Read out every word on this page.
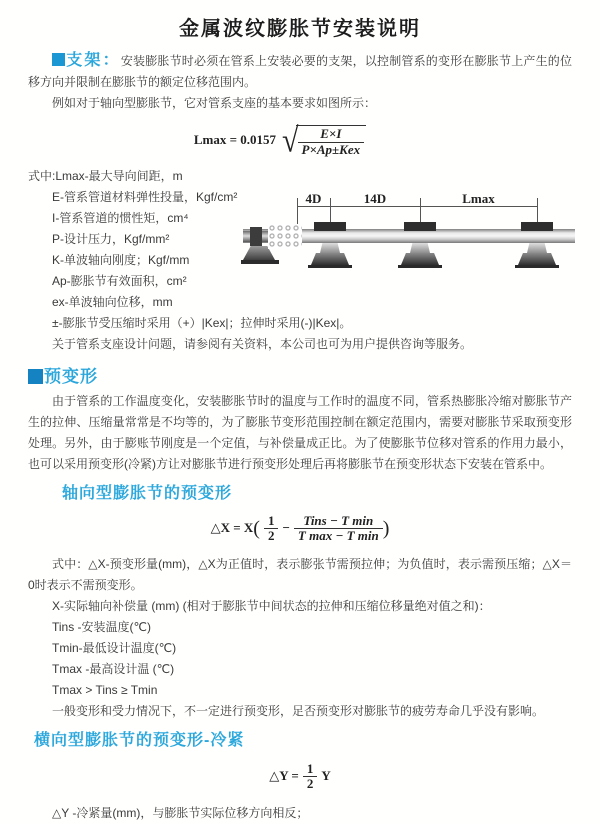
金属波纹膨胀节安装说明

支架：安装膨胀节时必须在管系上安装必要的支架，以控制管系的变形在膨胀节上产生的位移方向并限制在膨胀节的额定位移范围内。

例如对于轴向型膨胀节，它对管系支座的基本要求如图所示：

Lmax = 0.0157 √ $\frac{E\times I}{\text{P×Ap±Kex}}$
式中:Lmax-最大导向间距，m
E-管系管道材料弹性投量，Kgf/cm²
I-管系管道的惯性矩，cm⁴
P-设计压力，Kgf/mm²
K-单波轴向刚度；Kgf/mm
Ap-膨胀节有效面积，cm²
ex-单波轴向位移，mm
±-膨胀节受压缩时采用（+）|Kex|；拉伸时采用(-)|Kex|。

关于管系支座设计问题，请参阅有关资料，本公司也可为用户提供咨询等服务。

预变形

由于管系的工作温度变化，安装膨胀节时的温度与工作时的温度不同，管系热膨胀冷缩对膨胀节产生的拉伸、压缩量常常是不均等的，为了膨胀节变形范围控制在额定范围内，需要对膨胀节采取预变形处理。另外，由于膨账节刚度是一个定值，与补偿量成正比。为了使膨胀节位移对管系的作用力最小，也可以采用预变形(冷紧)方让对膨胀节进行预变形处理后再将膨胀节在预变形状态下安装在管系中。

轴向型膨胀节的预变形
△X = $X( \frac{1}{2} - \frac{\text{Tins − T min}}{\text{T max − T min}}$ )

式中：△X-预变形量(mm)，△X为正值时，表示膨张节需预拉伸；为负值时，表示需预压缩；△X＝0时表示不需预变形。

X-实际轴向补偿量 (mm) (相对于膨胀节中间状态的拉伸和压缩位移量绝对值之和)：
Tins -安装温度(℃)
Tmin-最低设计温度(℃)
Tmax -最高设计温 (℃)
Tmax > Tins ≥ Tmin

一般变形和受力情况下，不一定进行预变形，足否预变形对膨胀节的疲劳寿命几乎没有影响。

横向型膨胀节的预变形-冷紧
△Y = $\frac{1}{2}$ Y

△Y -冷紧量(mm)，与膨胀节实际位移方向相反；

4D	14D	Lmax
